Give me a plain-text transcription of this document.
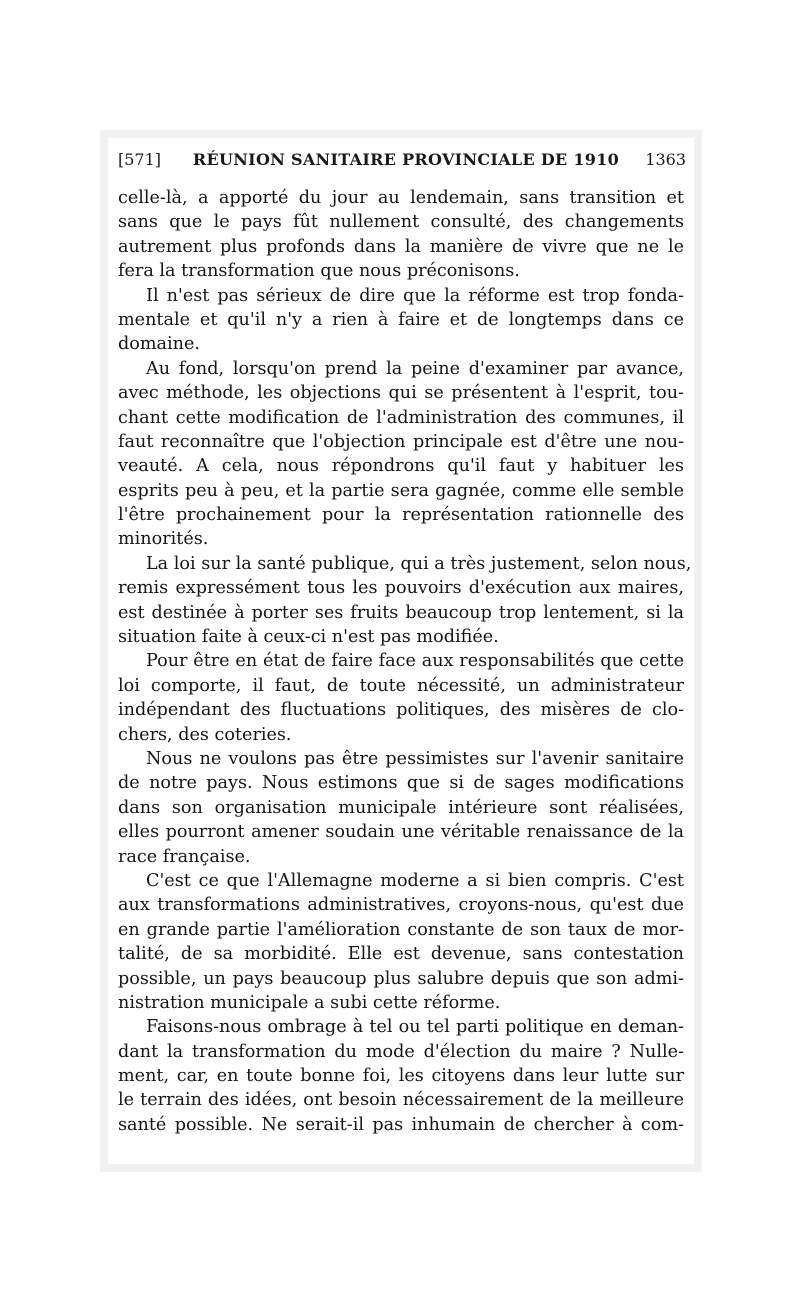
[571]	RÉUNION SANITAIRE PROVINCIALE DE 1910	1363
celle-là, a apporté du jour au lendemain, sans transition et
sans que le pays fût nullement consulté, des changements
autrement plus profonds dans la manière de vivre que ne le
fera la transformation que nous préconisons.
Il n'est pas sérieux de dire que la réforme est trop fonda-
mentale et qu'il n'y a rien à faire et de longtemps dans ce
domaine.
Au fond, lorsqu'on prend la peine d'examiner par avance,
avec méthode, les objections qui se présentent à l'esprit, tou-
chant cette modification de l'administration des communes, il
faut reconnaître que l'objection principale est d'être une nou-
veauté. A cela, nous répondrons qu'il faut y habituer les
esprits peu à peu, et la partie sera gagnée, comme elle semble
l'être prochainement pour la représentation rationnelle des
minorités.
La loi sur la santé publique, qui a très justement, selon nous,
remis expressément tous les pouvoirs d'exécution aux maires,
est destinée à porter ses fruits beaucoup trop lentement, si la
situation faite à ceux-ci n'est pas modifiée.
Pour être en état de faire face aux responsabilités que cette
loi comporte, il faut, de toute nécessité, un administrateur
indépendant des fluctuations politiques, des misères de clo-
chers, des coteries.
Nous ne voulons pas être pessimistes sur l'avenir sanitaire
de notre pays. Nous estimons que si de sages modifications
dans son organisation municipale intérieure sont réalisées,
elles pourront amener soudain une véritable renaissance de la
race française.
C'est ce que l'Allemagne moderne a si bien compris. C'est
aux transformations administratives, croyons-nous, qu'est due
en grande partie l'amélioration constante de son taux de mor-
talité, de sa morbidité. Elle est devenue, sans contestation
possible, un pays beaucoup plus salubre depuis que son admi-
nistration municipale a subi cette réforme.
Faisons-nous ombrage à tel ou tel parti politique en deman-
dant la transformation du mode d'élection du maire ? Nulle-
ment, car, en toute bonne foi, les citoyens dans leur lutte sur
le terrain des idées, ont besoin nécessairement de la meilleure
santé possible. Ne serait-il pas inhumain de chercher à com-
